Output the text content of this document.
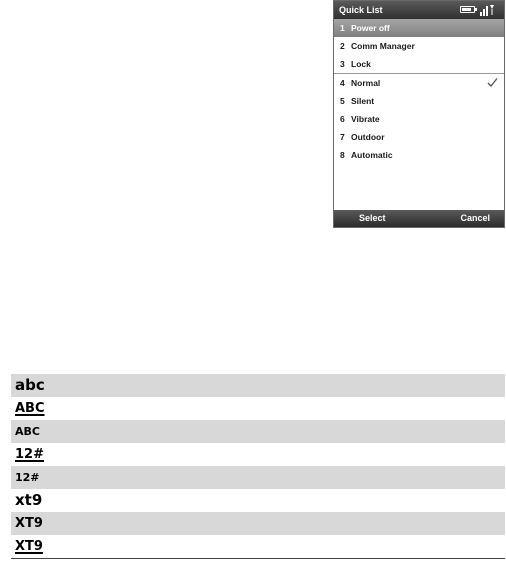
Quick List
1 Power off
2 Comm Manager
3 Lock
4 Normal
5 Silent
6 Vibrate
7 Outdoor
8 Automatic
Select	Cancel
abc
ABC
ABC
12#
12#
xt9
XT9
XT9
